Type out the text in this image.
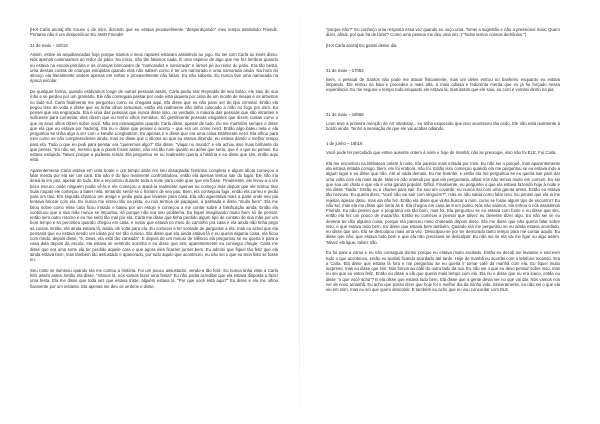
[Hot Carla anota] Ele trouxe o de mim, dizendo que eu estava provavelmente "desperdiçando" meu tempo assistindo Friends. Portanto não é um desperdício! EU AMO Friends!

31 de maio – 16h19

Assim, estive as arquibancadas hoje porque Santos e seus rapazes estavam assistindo ao jogo. Eu sei com Carla ao invés disso. Nós apenas continuamos ao redor do pátio. No início, não tão falamos nada. É uma espécie de algo que me fez lembrar quando eu estava na escola primária e as crianças brincavam de "namorados e namorada" e íamos pé ao redor do pátio. Era tão besta, uma dessas coisas de crianças estúpidas quando elas não sabem como é ter um namorado e uma namorada ainda. Na hora do almoço ela literalmente andem apenas em voltas e provavelmente não falam. Eu não saberia. Eu nunca tive uma namorada na época escolar.

De qualquer forma, quando estávamos longe de outras pessoas assim, Carla pediu tirar Reynaldo de seu bolso, ele saiu de sua mão e se perdeu por um gramado. Ele não conseguia passar por onde esta jaqueta por cima de um monte de mesas e os arbustos no lado sul. Carla finalmente me perguntou como eu chegaria aqui. Ela disse que eu não parei ser do tipo criminal. Então ela pegou isso de volta e disse que eu tinha olhos tortuosos, então ela realmente não tinha colocado a mão no fogo por mim. Eu pensei que era engraçado. Ela é uma das pessoas que nunca disse isso, ou verdade, a maioria das pessoas que são intrantes e suficiente para comentar, eles dizem que eu tenho olhos tremidos. Só gentilmente pessoas elegantes que dizem coisas como o que os seus olhos dizem sobre você. Não era extravagante quando Carla disse, apesar de tudo. Eu me martirizei sempre e disse que ela que eu estava por hacking. Ela riu e disse que pensei o acerto – que era um crime nerd. Então algo bateu nela e ela perguntou se tinha algo a ver com o Neville Longbottom. Eu apenas ri e disse que era uma coisa totalmente nerd. Ela olhou para mim como se não compreendesse ainda, mas eu disse que o idioma ao que eu estava dizendo, eu estava dando o melhor tempo para ela. Tudo o que eu pedi para pensar era "queremos algo?" Ela disse, "Viajar no mundo" e ela achou isso mais brilhante do que pensei. "Eu não sei, mesmo que a pixels foram assim, não era tão ruim quanto eu achei que seria, que é o que eu pensei. Eu estava estúpido. Talvez porque a pudesse tentar. Ela perguntou se eu realmente queria a história e eu disse que sim, então aqui está.

Aparentemente Carla estava em uma boate e um tempo atrás em seu desagradar feminino completo e algum idiota começou a falar merda por ela ser um cara. Ela não é do tipo realmente confrontadora, então ela apenas tentou sair do lugar. Ele não iria deixá-la em paz, apesar de tudo. Ele a encontrou durante toda a noite para onde quer que ela fosse. Finalmente, ele levou-a a um beco escuro, onde ninguém podia vê-la e ele começou a atacá-la realmente apenas no começo mas depois que ele tentou tirar suas roupas ele começou a bater nela, tentando sentir-se o homem de seu pau. Bem, ela conseguiu fugir, então ela correu e pediu para um taxi. Em seguida chamou um amigo e pediu para que levasse para casa. Ela não aguentava mais a parte onde seu pai tentava brincar com ela. Eu nunca me entrou tão na pista, ou nos termos de papagaio, à palmada e disse "muito bem". Ela me falou sobre como esse cara ficou irritado e bateu por um estojo e começou a me contar sobre a falsificação ainda. Então ela continuou que a sua mãe nunca se importou, só porque não era seu problema. Eu fiquei imaginando muito bem só de pensar, então sem outro retorno e eu me senti tão mal por ela. Carla me disse que tinha perdido algum tipo de contato de sua mãe por um bom tempo e só percebeu quando chegou em casa, e notou que estava no meio do caminho pra casa e ela ainda não tinha pego as coisas. Então, ela ainda estava lá, ainda, de volta para ela. Eu comecei a ter vontade de perguntar a ela, mas eu achei que ela pensaria que eu estava sendo um idiota por ser tão curioso. Ela disse que ela ainda estava lá e eu queria alguma coisa, ela ficou com medo, depois disse, "é, Deus, ela está tão cansada". E depois de um minuto de silêncio ela perguntou se eu queria ir para a casa dela depois da escola, ela estava se sentindo sozinha e eu disse que sim, aparentemente eu consegui chegar. Carla me disse que era uma sorte ela ter perdido aquele cara e que agora eles ficaram juntos bem. Eu admito que fiquei tão feliz que ela ainda estava bem, mas também tão assustado e apavorado, por tudo aquilo que aconteceu, eu não sei o que eu teria feito se fosse eu.

Seu rosto se iluminou quando ela me contou a história. Foi um pouco assustador, vendo-a tão feliz. Eu nunca tinha visto a Carla feliz assim antes. Então ela disse, "Vamos lá, nós vamos fazer uma festa!" Eu não podia acreditar que ela estava disposta a fazer uma festa. Ela me disse que toda vez que estava triste, alguém estava lá. "Por que você está aqui?" Eu disse e ela me olhou fixamente por um instante. Ela apenas me deu os ombros e disse,

"porque não?" Eu conheço uma resposta essa vez quando eu ouço uma. Tomei a sugestão e não a pressionei mais. Quero dizer, afinal, por que há de fazer? Como uma pessoa me deu uma vez, ("Todos temos nossos demônios.")

[Hot Carla anota] Eu gostei desse dia.

31 de maio – 17h52

Bem, o pessoal de Santos não pode me atacar fisicamente, mas um deles entrou no banheiro enquanto eu estava limpando. Ele entrou na baia e procedeu a mais alta, a mais odiosa e fedorenta merda que eu já fui forçado nessa experiência. Eu me segurei o tempo todo enquanto ele estava lá, mas assim que ele saiu, eu corri e vomitei direto na pia.

31 de maio – 19h55

Leon teve a primeira menção de Art Vandelay... eu tinha esquecido que isso aconteceu tão cedo. Ele não está realmente à bordo ainda. Tenho a sensação de que ele vai acabar odiando.

1 de junho – 16h16

Você pode ter percebido que estive ausente ontem à noite e hoje de manhã; não se preocupe, isso não foi ELE. Foi Carla.

Ela me encontrou na biblioteca ontem à noite. Ela parecia mais irritada por mim. Eu não sei o porquê, mas aparentemente ela estava irritada comigo. Bem, ele foi embora, não foi. Então isso começou quando ela me perguntou se eu estava indo a algum lugar e eu disse que não. Até aí nada demais. Eu me levantei, e então ela me perguntou se eu queria sair para dar uma volta com ela mais tarde. Mas eu não entendi por que ela perguntaria, afinal nós não temos muito em comum. Eu sei que sou um chato e que ela é uma garota popular. Difícil. Finalmente, eu perguntei o que ela estava fazendo hoje à noite e ela disse "Nada." Então eu a chamei para sair. Eu sou um covarde, eu nunca saí com uma garota antes. Então eu estava tão nervoso. Eu queria dizer, "Você não vai sair com ninguém?", mas eu não sabia como falar isso. Eu pensei que ela ia me rejeitar, apesar disso, mas ela não fez. Então ela disse que vinha buscar a mim, como se fosse algum tipo de encontro? Eu não sei, mas ela me disse que seria às 8. Ela chegou em casa às 8 em ponto. Nós não saímos, ela entrou e nós assistimos Friends. Eu não pensei que o programa era tão bom, mas foi. Ela perguntou se eu estava com fome e eu disse que sim, então ela fez um pouco de macarrão. Então eu comecei a pensar que talvez eu devesse dizer algo. Eu não sei se eu deveria ter dito alguma coisa, porque ela pareceu meio chateada depois disso. Ela me disse que não queria falar sobre isso, e que estava tudo bem. Eu disse que estava bem também. Quando ela me perguntou se eu ainda estava acordado, eu disse que sim. Ela se desculpou mais uma vez. Desculpou-se por ter demorado tanto tempo para me contar aquilo. Eu disse que não, que estava tudo bem e que ela não precisava se desculpar. Eu não sei se ela vai me ligar ou algo assim. Talvez ela ligue, talvez não.

Eu fui para a cama e eu não conseguia dormir porque eu estava muito excitado. Então eu decidi me levantar e escrever tudo o que aconteceu, então eu acabei ficando acordado até tarde. Hoje de manhã eu acordei com o telefone tocando. Era a Carla. Ela disse que estava lá fora e me perguntou se eu queria ir tomar café da manhã com ela. Eu fiquei muito surpreso, mas eu disse que sim. Nós fomos ao café do outro lado da rua. Eu não sei o que eu devo pensar sobre isso, mas eu sei que eu estou feliz. Então eu disse a ela que queria mais tempo com ela. Ela riu e disse que eu era louco, então eu disse "o que você acha"? E ela disse que estava tudo bem. Ela disse que a gente devia ver no que vai dar. Nós vamos nos ver de novo amanhã. Eu acho que posso dizer que hoje foi o melhor dia da minha vida. Sinceramente, eu não sei o que ela viu em mim, mas eu sei que quero descobrir. E também eu acho que eu vou concordar com ELE.
